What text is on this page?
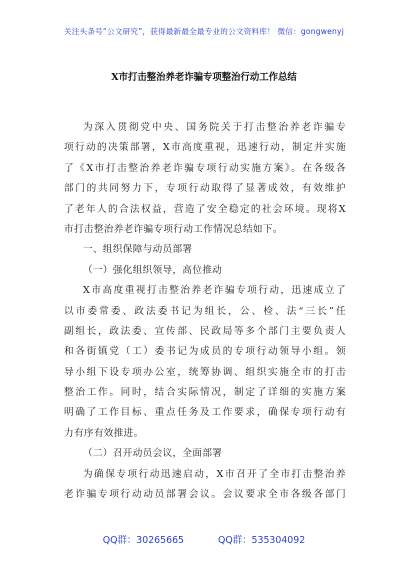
关注头条号“公文研究”，获得最新最全最专业的公文资料库！ 微信：gongwenyj
X市打击整治养老诈骗专项整治行动工作总结
为深入贯彻党中央、国务院关于打击整治养老诈骗专
项行动的决策部署，X市高度重视，迅速行动，制定并实施
了《X市打击整治养老诈骗专项行动实施方案》。在各级各
部门的共同努力下，专项行动取得了显著成效，有效维护
了老年人的合法权益，营造了安全稳定的社会环境。现将X
市打击整治养老诈骗专项行动工作情况总结如下。
一、组织保障与动员部署
（一）强化组织领导，高位推动
X市高度重视打击整治养老诈骗专项行动，迅速成立了
以市委常委、政法委书记为组长，公、检、法“三长”任
副组长，政法委、宣传部、民政局等多个部门主要负责人
和各街镇党（工）委书记为成员的专项行动领导小组。领
导小组下设专项办公室，统筹协调、组织实施全市的打击
整治工作。同时，结合实际情况，制定了详细的实施方案
明确了工作目标、重点任务及工作要求，确保专项行动有
力有序有效推进。
（二）召开动员会议，全面部署
为确保专项行动迅速启动，X市召开了全市打击整治养
老诈骗专项行动动员部署会议。会议要求全市各级各部门
QQ群：30265665	QQ群：535304092
